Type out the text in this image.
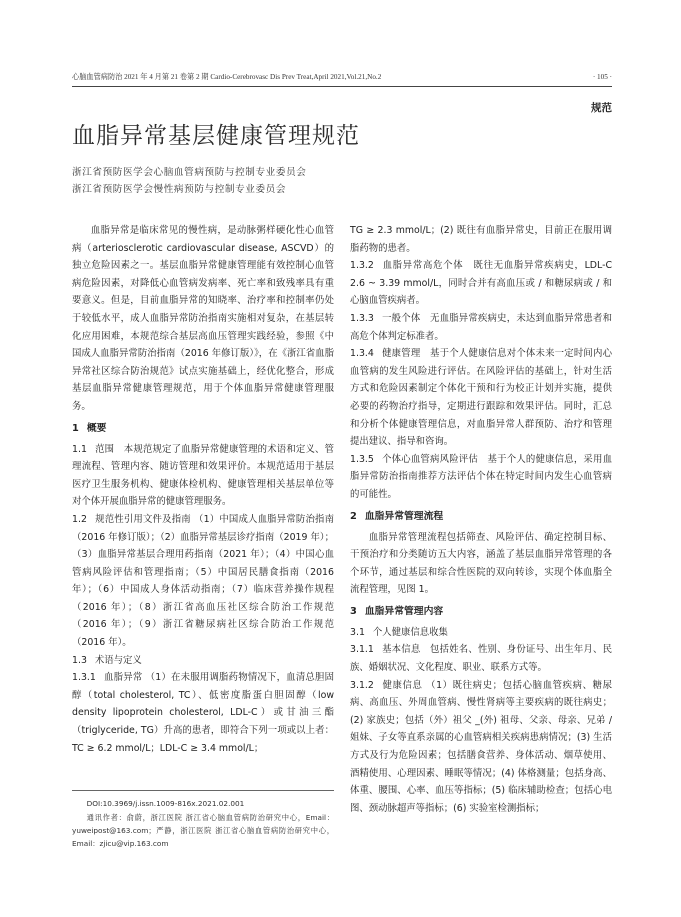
心脑血管病防治 2021 年 4 月第 21 卷第 2 期 Cardio-Cerebrovasc Dis Prev Treat,April 2021,Vol.21,No.2	· 105 ·
规范
血脂异常基层健康管理规范
浙江省预防医学会心脑血管病预防与控制专业委员会
浙江省预防医学会慢性病预防与控制专业委员会

血脂异常是临床常见的慢性病，是动脉粥样硬化性心血管病（arteriosclerotic cardiovascular disease, ASCVD）的独立危险因素之一。基层血脂异常健康管理能有效控制心血管病危险因素，对降低心血管病发病率、死亡率和致残率具有重要意义。但是，目前血脂异常的知晓率、治疗率和控制率仍处于较低水平，成人血脂异常防治指南实施相对复杂，在基层转化应用困难，本规范综合基层高血压管理实践经验，参照《中国成人血脂异常防治指南（2016 年修订版）》，在《浙江省血脂异常社区综合防治规范》试点实施基础上，经优化整合，形成基层血脂异常健康管理规范，用于个体血脂异常健康管理服务。

1 概要

1.1 范围　本规范规定了血脂异常健康管理的术语和定义、管理流程、管理内容、随访管理和效果评价。本规范适用于基层医疗卫生服务机构、健康体检机构、健康管理相关基层单位等对个体开展血脂异常的健康管理服务。

1.2 规范性引用文件及指南 （1）中国成人血脂异常防治指南（2016 年修订版）；（2）血脂异常基层诊疗指南（2019 年）；（3）血脂异常基层合理用药指南（2021 年）；（4）中国心血管病风险评估和管理指南；（5）中国居民膳食指南（2016 年）；（6）中国成人身体活动指南；（7）临床营养操作规程（2016 年）；（8）浙江省高血压社区综合防治工作规范（2016 年）；（9）浙江省糖尿病社区综合防治工作规范（2016 年）。

1.3 术语与定义

1.3.1 血脂异常 （1）在未服用调脂药物情况下，血清总胆固醇（total cholesterol, TC）、低密度脂蛋白胆固醇（low density lipoprotein cholesterol, LDL-C）或甘油三酯（triglyceride, TG）升高的患者，即符合下列一项或以上者：TC ≥ 6.2 mmol/L；LDL-C ≥ 3.4 mmol/L；

DOI:10.3969/j.issn.1009-816x.2021.02.001

通讯作者：俞蔚，浙江医院 浙江省心脑血管病防治研究中心，Email：yuweipost@163.com；严静，浙江医院 浙江省心脑血管病防治研究中心，Email：zjicu@vip.163.com

TG ≥ 2.3 mmol/L；(2) 既往有血脂异常史，目前正在服用调脂药物的患者。

1.3.2 血脂异常高危个体　既往无血脂异常疾病史，LDL-C 2.6 ~ 3.39 mmol/L，同时合并有高血压或 / 和糖尿病或 / 和心脑血管疾病者。

1.3.3 一般个体　无血脂异常疾病史，未达到血脂异常患者和高危个体判定标准者。

1.3.4 健康管理　基于个人健康信息对个体未来一定时间内心血管病的发生风险进行评估。在风险评估的基础上，针对生活方式和危险因素制定个体化干预和行为校正计划并实施，提供必要的药物治疗指导，定期进行跟踪和效果评估。同时，汇总和分析个体健康管理信息，对血脂异常人群预防、治疗和管理提出建议、指导和咨询。

1.3.5 个体心血管病风险评估　基于个人的健康信息，采用血脂异常防治指南推荐方法评估个体在特定时间内发生心血管病的可能性。

2 血脂异常管理流程

血脂异常管理流程包括筛查、风险评估、确定控制目标、干预治疗和分类随访五大内容，涵盖了基层血脂异常管理的各个环节，通过基层和综合性医院的双向转诊，实现个体血脂全流程管理，见图 1。

3 血脂异常管理内容
3.1 个人健康信息收集

3.1.1 基本信息　包括姓名、性别、身份证号、出生年月、民族、婚姻状况、文化程度、职业、联系方式等。

3.1.2 健康信息 （1）既往病史；包括心脑血管疾病、糖尿病、高血压、外周血管病、慢性肾病等主要疾病的既往病史；(2) 家族史；包括（外）祖父 _(外) 祖母、父亲、母亲、兄弟 / 姐妹、子女等直系亲属的心血管病相关疾病患病情况；(3) 生活方式及行为危险因素；包括膳食营养、身体活动、烟草使用、酒精使用、心理因素、睡眠等情况；(4) 体格测量；包括身高、体重、腰围、心率、血压等指标；(5) 临床辅助检查；包括心电图、颈动脉超声等指标；(6) 实验室检测指标；
